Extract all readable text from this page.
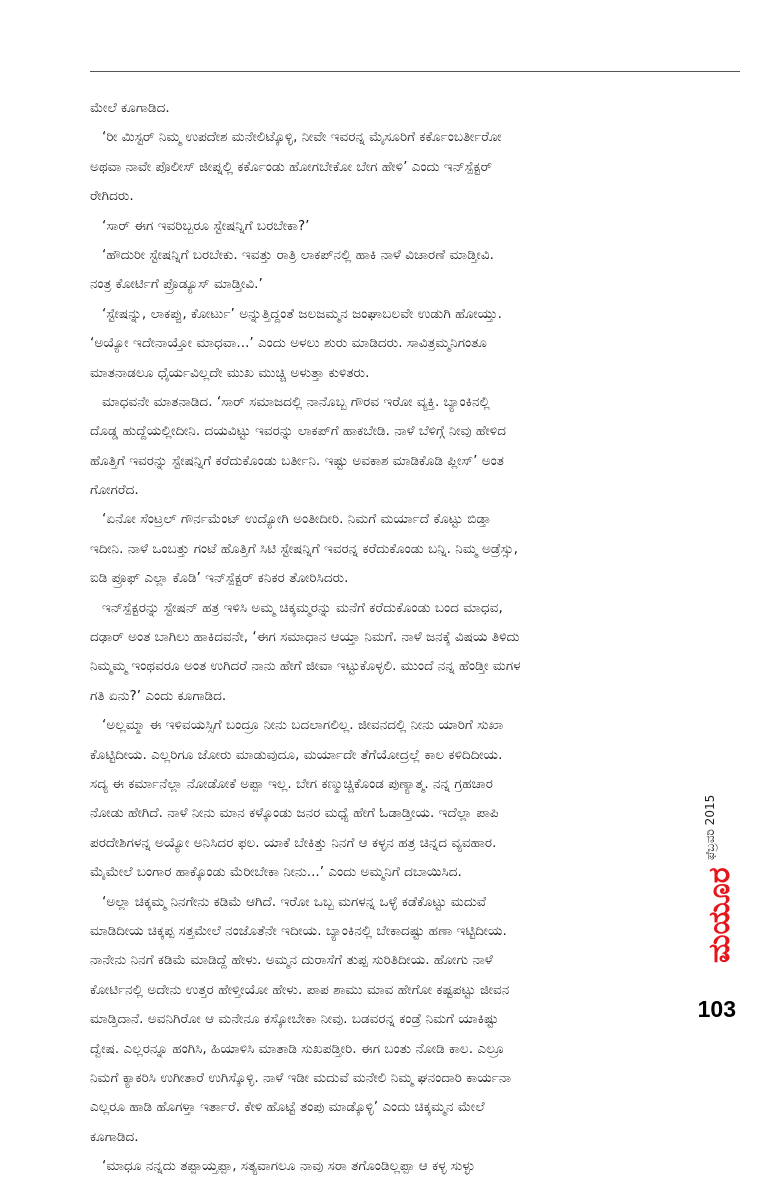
ಮೇಲೆ ಕೂಗಾಡಿದ.
‘ರೀ ಮಿಸ್ಟರ್ ನಿಮ್ಮ ಉಪದೇಶ ಮನೇಲಿಟ್ಕೊಳ್ಳಿ, ನೀವೇ ಇವರನ್ನ ಮೈಸೂರಿಗೆ ಕರ್ಕೊಂಬರ್ತೀರೋ
ಅಥವಾ ನಾವೇ ಪೊಲೀಸ್ ಜೀಪ್ನಲ್ಲಿ ಕರ್ಕೊಂಡು ಹೋಗಬೇಕೋ ಬೇಗ ಹೇಳಿ’ ಎಂದು ಇನ್‌ಸ್ಪೆಕ್ಟರ್
ರೇಗಿದರು.
‘ಸಾರ್ ಈಗ ಇವರಿಬ್ಬರೂ ಸ್ಟೇಷನ್ನಿಗೆ ಬರಬೇಕಾ?’
‘ಹೌದುರೀ ಸ್ಟೇಷನ್ನಿಗೆ ಬರಬೇಕು. ಇವತ್ತು ರಾತ್ರಿ ಲಾಕಪ್‌ನಲ್ಲಿ ಹಾಕಿ ನಾಳೆ ವಿಚಾರಣೆ ಮಾಡ್ತೀವಿ.
ನಂತ್ರ ಕೋರ್ಟಿಗೆ ಪ್ರೊಡ್ಯೂಸ್ ಮಾಡ್ತೀವಿ.’
‘ಸ್ಟೇಷನ್ನು, ಲಾಕಪ್ಪು, ಕೋರ್ಟು’ ಅನ್ನುತ್ತಿದ್ದಂತೆ ಜಲಜಮ್ಮನ ಜಂಘಾಬಲವೇ ಉಡುಗಿ ಹೋಯ್ತು.
‘ಅಯ್ಯೋ ಇದೇನಾಯ್ತೋ ಮಾಧವಾ...’ ಎಂದು ಅಳಲು ಶುರು ಮಾಡಿದರು. ಸಾವಿತ್ರಮ್ಮನಿಗಂತೂ
ಮಾತನಾಡಲೂ ಧೈರ್ಯವಿಲ್ಲದೇ ಮುಖ ಮುಚ್ಚಿ ಅಳುತ್ತಾ ಕುಳಿತರು.
ಮಾಧವನೇ ಮಾತನಾಡಿದ. ‘ಸಾರ್ ಸಮಾಜದಲ್ಲಿ ನಾನೊಬ್ಬ ಗೌರವ ಇರೋ ವ್ಯಕ್ತಿ. ಬ್ಯಾಂಕಿನಲ್ಲಿ
ದೊಡ್ಡ ಹುದ್ದೆಯಲ್ಲೀದೀನಿ. ದಯವಿಟ್ಟು ಇವರನ್ನು ಲಾಕಪ್‌ಗೆ ಹಾಕಬೇಡಿ. ನಾಳೆ ಬೆಳಿಗ್ಗೆ ನೀವು ಹೇಳಿದ
ಹೊತ್ತಿಗೆ ಇವರನ್ನು ಸ್ಟೇಷನ್ನಿಗೆ ಕರೆದುಕೊಂಡು ಬರ್ತೀನಿ. ಇಷ್ಟು ಅವಕಾಶ ಮಾಡಿಕೊಡಿ ಪ್ಲೀಸ್’ ಅಂತ
ಗೋಗರೆದ.
‘ಏನೋ ಸೆಂಟ್ರಲ್ ಗೌರ್ನಮೆಂಟ್ ಉದ್ಯೋಗಿ ಅಂತೀದೀರಿ. ನಿಮಗೆ ಮರ್ಯಾದೆ ಕೊಟ್ಟು ಬಿಡ್ತಾ
ಇದೀನಿ. ನಾಳೆ ಒಂಬತ್ತು ಗಂಟೆ ಹೊತ್ತಿಗೆ ಸಿಟಿ ಸ್ಟೇಷನ್ನಿಗೆ ಇವರನ್ನ ಕರೆದುಕೊಂಡು ಬನ್ನಿ. ನಿಮ್ಮ ಅಡ್ರೆಸ್ಸು,
ಐಡಿ ಪ್ರೂಫ್ ಎಲ್ಲಾ ಕೊಡಿ’ ಇನ್‌ಸ್ಪೆಕ್ಟರ್ ಕನಿಕರ ತೋರಿಸಿದರು.
ಇನ್‌ಸ್ಪೆಕ್ಟರನ್ನು ಸ್ಟೇಷನ್ ಹತ್ರ ಇಳಿಸಿ ಅಮ್ಮ ಚಿಕ್ಕಮ್ಮರನ್ನು ಮನೆಗೆ ಕರೆದುಕೊಂಡು ಬಂದ ಮಾಧವ,
ದಢಾರ್ ಅಂತ ಬಾಗಿಲು ಹಾಕಿದವನೇ, ‘ಈಗ ಸಮಾಧಾನ ಆಯ್ತಾ ನಿಮಗೆ. ನಾಳೆ ಜನಕ್ಕೆ ವಿಷಯ ತಿಳಿದು
ನಿಮ್ಮಮ್ಮ ಇಂಥವರೂ ಅಂತ ಉಗಿದರೆ ನಾನು ಹೇಗೆ ಜೀವಾ ಇಟ್ಟುಕೊಳ್ಳಲಿ. ಮುಂದೆ ನನ್ನ ಹೆಂಡ್ತೀ ಮಗಳ
ಗತಿ ಏನು?’ ಎಂದು ಕೂಗಾಡಿದ.
‘ಅಲ್ಲಮ್ಮಾ ಈ ಇಳಿವಯಸ್ಸಿಗೆ ಬಂದ್ರೂ ನೀನು ಬದಲಾಗಲಿಲ್ಲ. ಜೀವನದಲ್ಲಿ ನೀನು ಯಾರಿಗೆ ಸುಖಾ
ಕೊಟ್ಟಿದೀಯ. ಎಲ್ಲರಿಗೂ ಜೋರು ಮಾಡುವುದೂ, ಮರ್ಯಾದೇ ತೆಗೆಯೋದ್ರಲ್ಲೆ ಕಾಲ ಕಳಿದಿದೀಯ.
ಸದ್ಯ ಈ ಕರ್ಮಾನೆಲ್ಲಾ ನೋಡೋಕೆ ಅಪ್ಪಾ ಇಲ್ಲ. ಬೇಗ ಕಣ್ಮುಚ್ಚಿಕೊಂಡ ಪುಣ್ಯಾತ್ಮ. ನನ್ನ ಗ್ರಹಚಾರ
ನೋಡು ಹೇಗಿದೆ. ನಾಳೆ ನೀನು ಮಾನ ಕಳ್ಕೊಂಡು ಜನರ ಮಧ್ಯೆ ಹೇಗೆ ಓಡಾಡ್ತೀಯ. ಇದೆಲ್ಲಾ ಪಾಪಿ
ಪರದೇಶಿಗಳನ್ನ ಅಯ್ಯೋ ಅನಿಸಿದರ ಫಲ. ಯಾಕೆ ಬೇಕಿತ್ತು ನಿನಗೆ ಆ ಕಳ್ಳನ ಹತ್ರ ಚಿನ್ನದ ವ್ಯವಹಾರ.
ಮೈಮೇಲೆ ಬಂಗಾರ ಹಾಕ್ಕೊಂಡು ಮೆರೀಬೇಕಾ ನೀನು...’ ಎಂದು ಅಮ್ಮನಿಗೆ ದಬಾಯಿಸಿದ.
‘ಅಲ್ಲಾ ಚಿಕ್ಕಮ್ಮ ನಿನಗೇನು ಕಡಿಮೆ ಆಗಿದೆ. ಇರೋ ಒಬ್ಬ ಮಗಳನ್ನ ಒಳ್ಳೆ ಕಡೆಕೊಟ್ಟು ಮದುವೆ
ಮಾಡಿದೀಯ ಚಿಕ್ಕಪ್ಪ ಸತ್ತಮೇಲೆ ನಂಜೊತೆನೇ ಇದೀಯ. ಬ್ಯಾಂಕಿನಲ್ಲಿ ಬೇಕಾದಷ್ಟು ಹಣಾ ಇಟ್ಟಿದೀಯ.
ನಾನೇನು ನಿನಗೆ ಕಡಿಮೆ ಮಾಡಿದ್ದೆ ಹೇಳು. ಅಮ್ಮನ ದುರಾಸೆಗೆ ತುಪ್ಪ ಸುರಿತಿದೀಯ. ಹೋಗು ನಾಳೆ
ಕೋರ್ಟಿನಲ್ಲಿ ಅದೇನು ಉತ್ತರ ಹೇಳ್ತೀಯೋ ಹೇಳು. ಪಾಪ ಶಾಮು ಮಾವ ಹೇಗೋ ಕಷ್ಟಪಟ್ಟು ಜೀವನ
ಮಾಡ್ತಿದಾನೆ. ಅವನಿಗಿರೋ ಆ ಮನೇನೂ ಕಸ್ಕೋಬೇಕಾ ನೀವು. ಬಡವರನ್ನ ಕಂಡ್ರೆ ನಿಮಗೆ ಯಾಕಿಷ್ಟು
ದ್ವೇಷ. ಎಲ್ಲರನ್ನೂ ಹಂಗಿಸಿ, ಹಿಯಾಳಿಸಿ ಮಾತಾಡಿ ಸುಖಪಡ್ತೀರಿ. ಈಗ ಬಂತು ನೋಡಿ ಕಾಲ. ಎಲ್ರೂ
ನಿಮಗೆ ಕ್ಯಾಕರಿಸಿ ಉಗೀತಾರೆ ಉಗಿಸ್ಕೊಳ್ಳಿ. ನಾಳೆ ಇಡೀ ಮದುವೆ ಮನೇಲಿ ನಿಮ್ಮ ಘನಂದಾರಿ ಕಾರ್ಯನಾ
ಎಲ್ಲರೂ ಹಾಡಿ ಹೊಗಳ್ತಾ ಇರ್ತಾರೆ. ಕೇಳಿ ಹೊಟ್ಟೆ ತಂಪು ಮಾಡ್ಕೊಳ್ಳಿ’ ಎಂದು ಚಿಕ್ಕಮ್ಮನ ಮೇಲೆ
ಕೂಗಾಡಿದ.
‘ಮಾಧೂ ನನ್ನದು ತಪ್ಪಾಯ್ತಪ್ಪಾ, ಸತ್ಯವಾಗಲೂ ನಾವು ಸರಾ ತಗೊಂಡಿಲ್ಲಪ್ಪಾ ಆ ಕಳ್ಳ ಸುಳ್ಳು
ಫೆಬ್ರವರಿ 2015
ಮಯೂರ
103
